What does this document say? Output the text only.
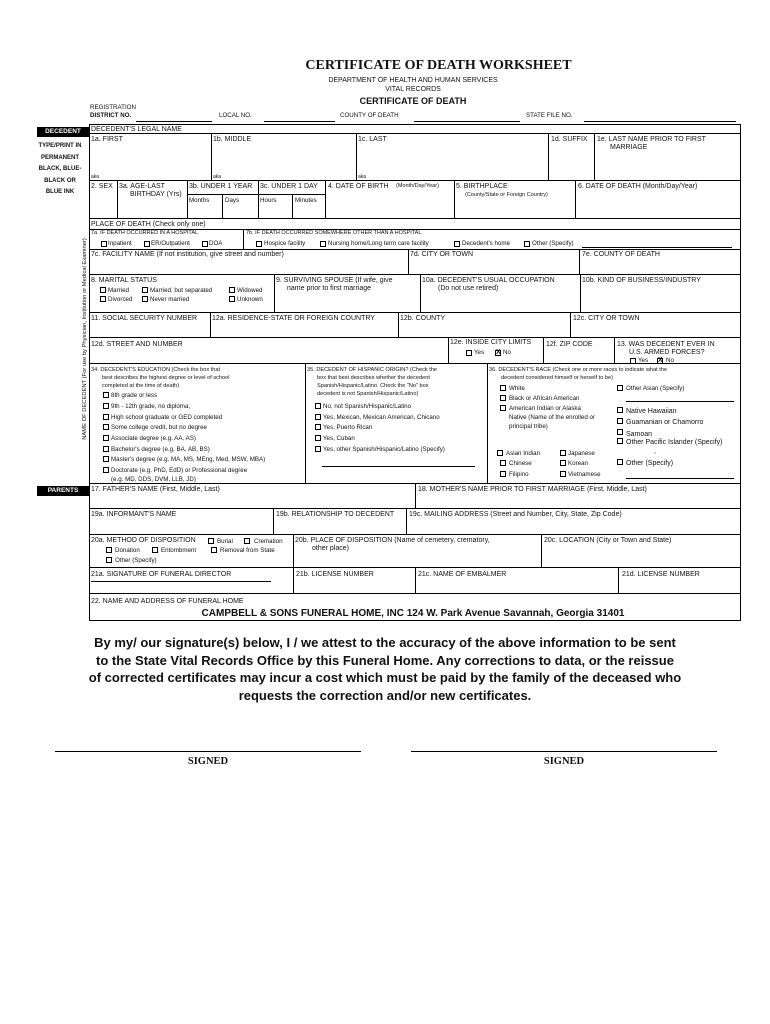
CERTIFICATE OF DEATH WORKSHEET
DEPARTMENT OF HEALTH AND HUMAN SERVICES
VITAL RECORDS
CERTIFICATE OF DEATH
REGISTRATION
DISTRICT NO.	LOCAL NO.	COUNTY OF DEATH	STATE FILE NO.
DECEDENT
TYPE/PRINT IN
PERMANENT
BLACK, BLUE-
BLACK OR
BLUE INK
NAME OF DECEDENT (For use by Physician, Institution or Medical Examiner)
PARENTS
DECEDENT'S LEGAL NAME
1a. FIRST	1b. MIDDLE	1c. LAST	1d. SUFFIX 1e. LAST NAME PRIOR TO FIRST
MARRIAGE
aka	aka	aka
2. SEX 3a. AGE-LAST
BIRTHDAY (Yrs)
3b. UNDER 1 YEAR
Months	Days
3c. UNDER 1 DAY
Hours	Minutes
4. DATE OF BIRTH (Month/Day/Year) 5. BIRTHPLACE
(County/State or Foreign Country)
6. DATE OF DEATH (Month/Day/Year)
PLACE OF DEATH (Check only one)
7a. IF DEATH OCCURRED IN A HOSPITAL
Inpatient	ER/Outpatient	DOA
7b. IF DEATH OCCURRED SOMEWHERE OTHER THAN A HOSPITAL
Hospice facility	Nursing home/Long term care facility	Decedent's home	Other (Specify)
7c. FACILITY NAME (If not institution, give street and number)	7d. CITY OR TOWN	7e. COUNTY OF DEATH
8. MARITAL STATUS
Married	Married, but separated	Widowed
Divorced	Never married	Unknown
9. SURVIVING SPOUSE (If wife, give
name prior to first marriage
10a. DECEDENT'S USUAL OCCUPATION
(Do not use retired)
10b. KIND OF BUSINESS/INDUSTRY
11. SOCIAL SECURITY NUMBER 12a. RESIDENCE-STATE OR FOREIGN COUNTRY	12b. COUNTY	12c. CITY OR TOWN
12d. STREET AND NUMBER	12e. INSIDE CITY LIMITS
Yes X	No
12f. ZIP CODE	13. WAS DECEDENT EVER IN
U.S. ARMED FORCES?
Yes X	No
34. DECEDENT'S EDUCATION (Check the box that
best describes the highest degree or level of school
completed at the time of death)
8th grade or less
9th - 12th grade, no diploma,
High school graduate or GED completed
Some college credit, but no degree
Associate degree (e.g. AA, AS)
Bachelor's degree (e.g. BA, AB, BS)
Master's degree (e.g. MA, MS, MEng, Med, MSW, MBA)
Doctorate (e.g. PhD, EdD) or Professional degree
(e.g. MD, DDS, DVM, LLB, JD)
35. DECEDENT OF HISPANIC ORIGIN? (Check the
box that best describes whether the decedent
Spanish/Hispanic/Latino. Check the "No" box
decedent is not Spanish/Hispanic/Latino)
No, not Spanish/Hispanic/Latino
Yes, Mexican, Mexican American, Chicano
Yes, Puerto Rican
Yes, Cuban
Yes, other Spanish/Hispanic/Latino (Specify)
36. DECEDENT'S RACE (Check one or more races to indicate what the
decedent considered himself or herself to be)
White
Black or African American
American Indian or Alaska
Native (Name of the enrolled or
principal tribe)
Other Asian (Specify)
Native Hawaiian
Guamanian or Chamorro
Samoan
Other Pacific Islander (Specify)
Asian Indian	Japanese
Chinese	Korean
Filipino	Vietnamese
,
Other (Specify)
17. FATHER'S NAME (First, Middle, Last)	18. MOTHER'S NAME PRIOR TO FIRST MARRIAGE (First, Middle, Last)
19a. INFORMANT'S NAME	19b. RELATIONSHIP TO DECEDENT 19c. MAILING ADDRESS (Street and Number, City, State, Zip Code)
20a. METHOD OF DISPOSITION	Burial	Cremation
Donation	Entombment	Removal from State
Other (Specify)
20b. PLACE OF DISPOSITION (Name of cemetery, crematory,
other place)
20c. LOCATION (City or Town and State)
21a. SIGNATURE OF FUNERAL DIRECTOR	21b. LICENSE NUMBER	21c. NAME OF EMBALMER	21d. LICENSE NUMBER
22. NAME AND ADDRESS OF FUNERAL HOME
CAMPBELL & SONS FUNERAL HOME, INC 124 W. Park Avenue Savannah, Georgia 31401
By my/ our signature(s) below, I / we attest to the accuracy of the above information to be sent
to the State Vital Records Office by this Funeral Home. Any corrections to data, or the reissue
of corrected certificates may incur a cost which must be paid by the family of the deceased who
requests the correction and/or new certificates.
SIGNED	SIGNED
